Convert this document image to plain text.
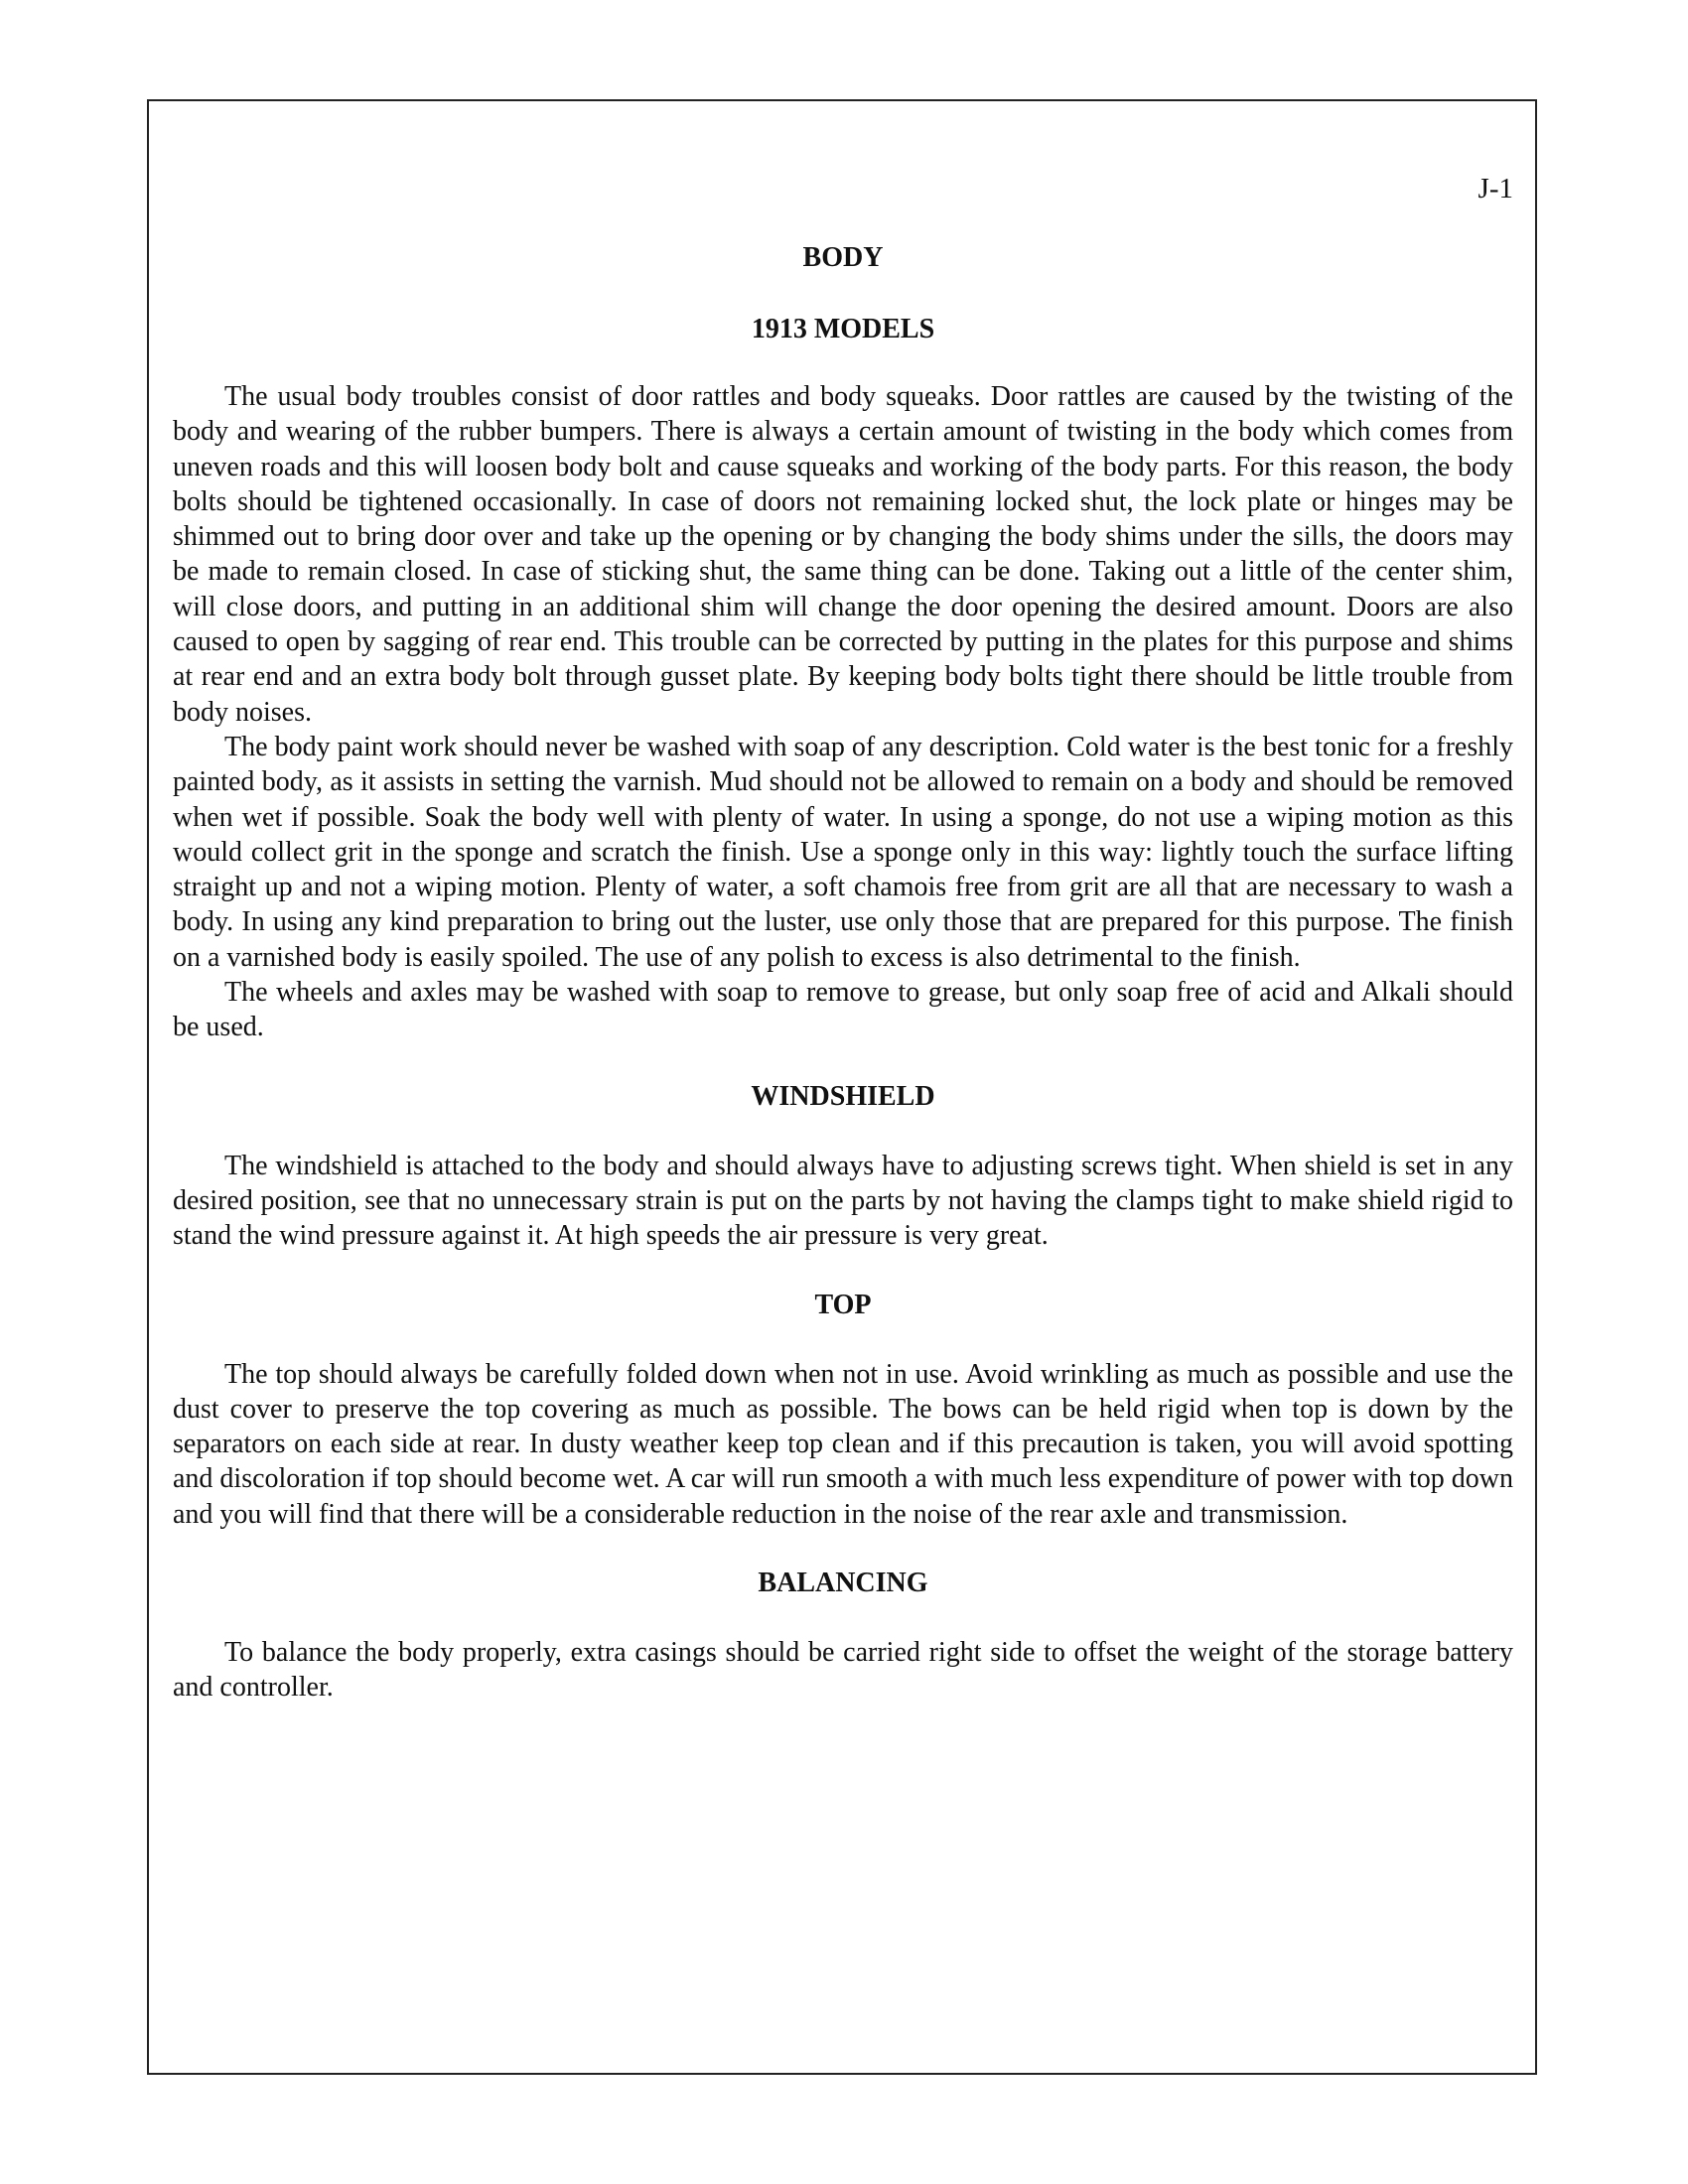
J-1

BODY
1913 MODELS

The usual body troubles consist of door rattles and body squeaks. Door rattles are caused by the twisting of the body and wearing of the rubber bumpers. There is always a certain amount of twisting in the body which comes from uneven roads and this will loosen body bolt and cause squeaks and working of the body parts. For this reason, the body bolts should be tightened occasionally. In case of doors not remaining locked shut, the lock plate or hinges may be shimmed out to bring door over and take up the opening or by changing the body shims under the sills, the doors may be made to remain closed. In case of sticking shut, the same thing can be done. Taking out a little of the center shim, will close doors, and putting in an additional shim will change the door opening the desired amount. Doors are also caused to open by sagging of rear end. This trouble can be corrected by putting in the plates for this purpose and shims at rear end and an extra body bolt through gusset plate. By keeping body bolts tight there should be little trouble from body noises.

The body paint work should never be washed with soap of any description. Cold water is the best tonic for a freshly painted body, as it assists in setting the varnish. Mud should not be allowed to remain on a body and should be removed when wet if possible. Soak the body well with plenty of water. In using a sponge, do not use a wiping motion as this would collect grit in the sponge and scratch the finish. Use a sponge only in this way: lightly touch the surface lifting straight up and not a wiping motion. Plenty of water, a soft chamois free from grit are all that are necessary to wash a body. In using any kind preparation to bring out the luster, use only those that are prepared for this purpose. The finish on a varnished body is easily spoiled. The use of any polish to excess is also detrimental to the finish.

The wheels and axles may be washed with soap to remove to grease, but only soap free of acid and Alkali should be used.

WINDSHIELD

The windshield is attached to the body and should always have to adjusting screws tight. When shield is set in any desired position, see that no unnecessary strain is put on the parts by not having the clamps tight to make shield rigid to stand the wind pressure against it. At high speeds the air pressure is very great.

TOP

The top should always be carefully folded down when not in use. Avoid wrinkling as much as possible and use the dust cover to preserve the top covering as much as possible. The bows can be held rigid when top is down by the separators on each side at rear. In dusty weather keep top clean and if this precaution is taken, you will avoid spotting and discoloration if top should become wet. A car will run smooth a with much less expenditure of power with top down and you will find that there will be a considerable reduction in the noise of the rear axle and transmission.

BALANCING

To balance the body properly, extra casings should be carried right side to offset the weight of the storage battery and controller.
